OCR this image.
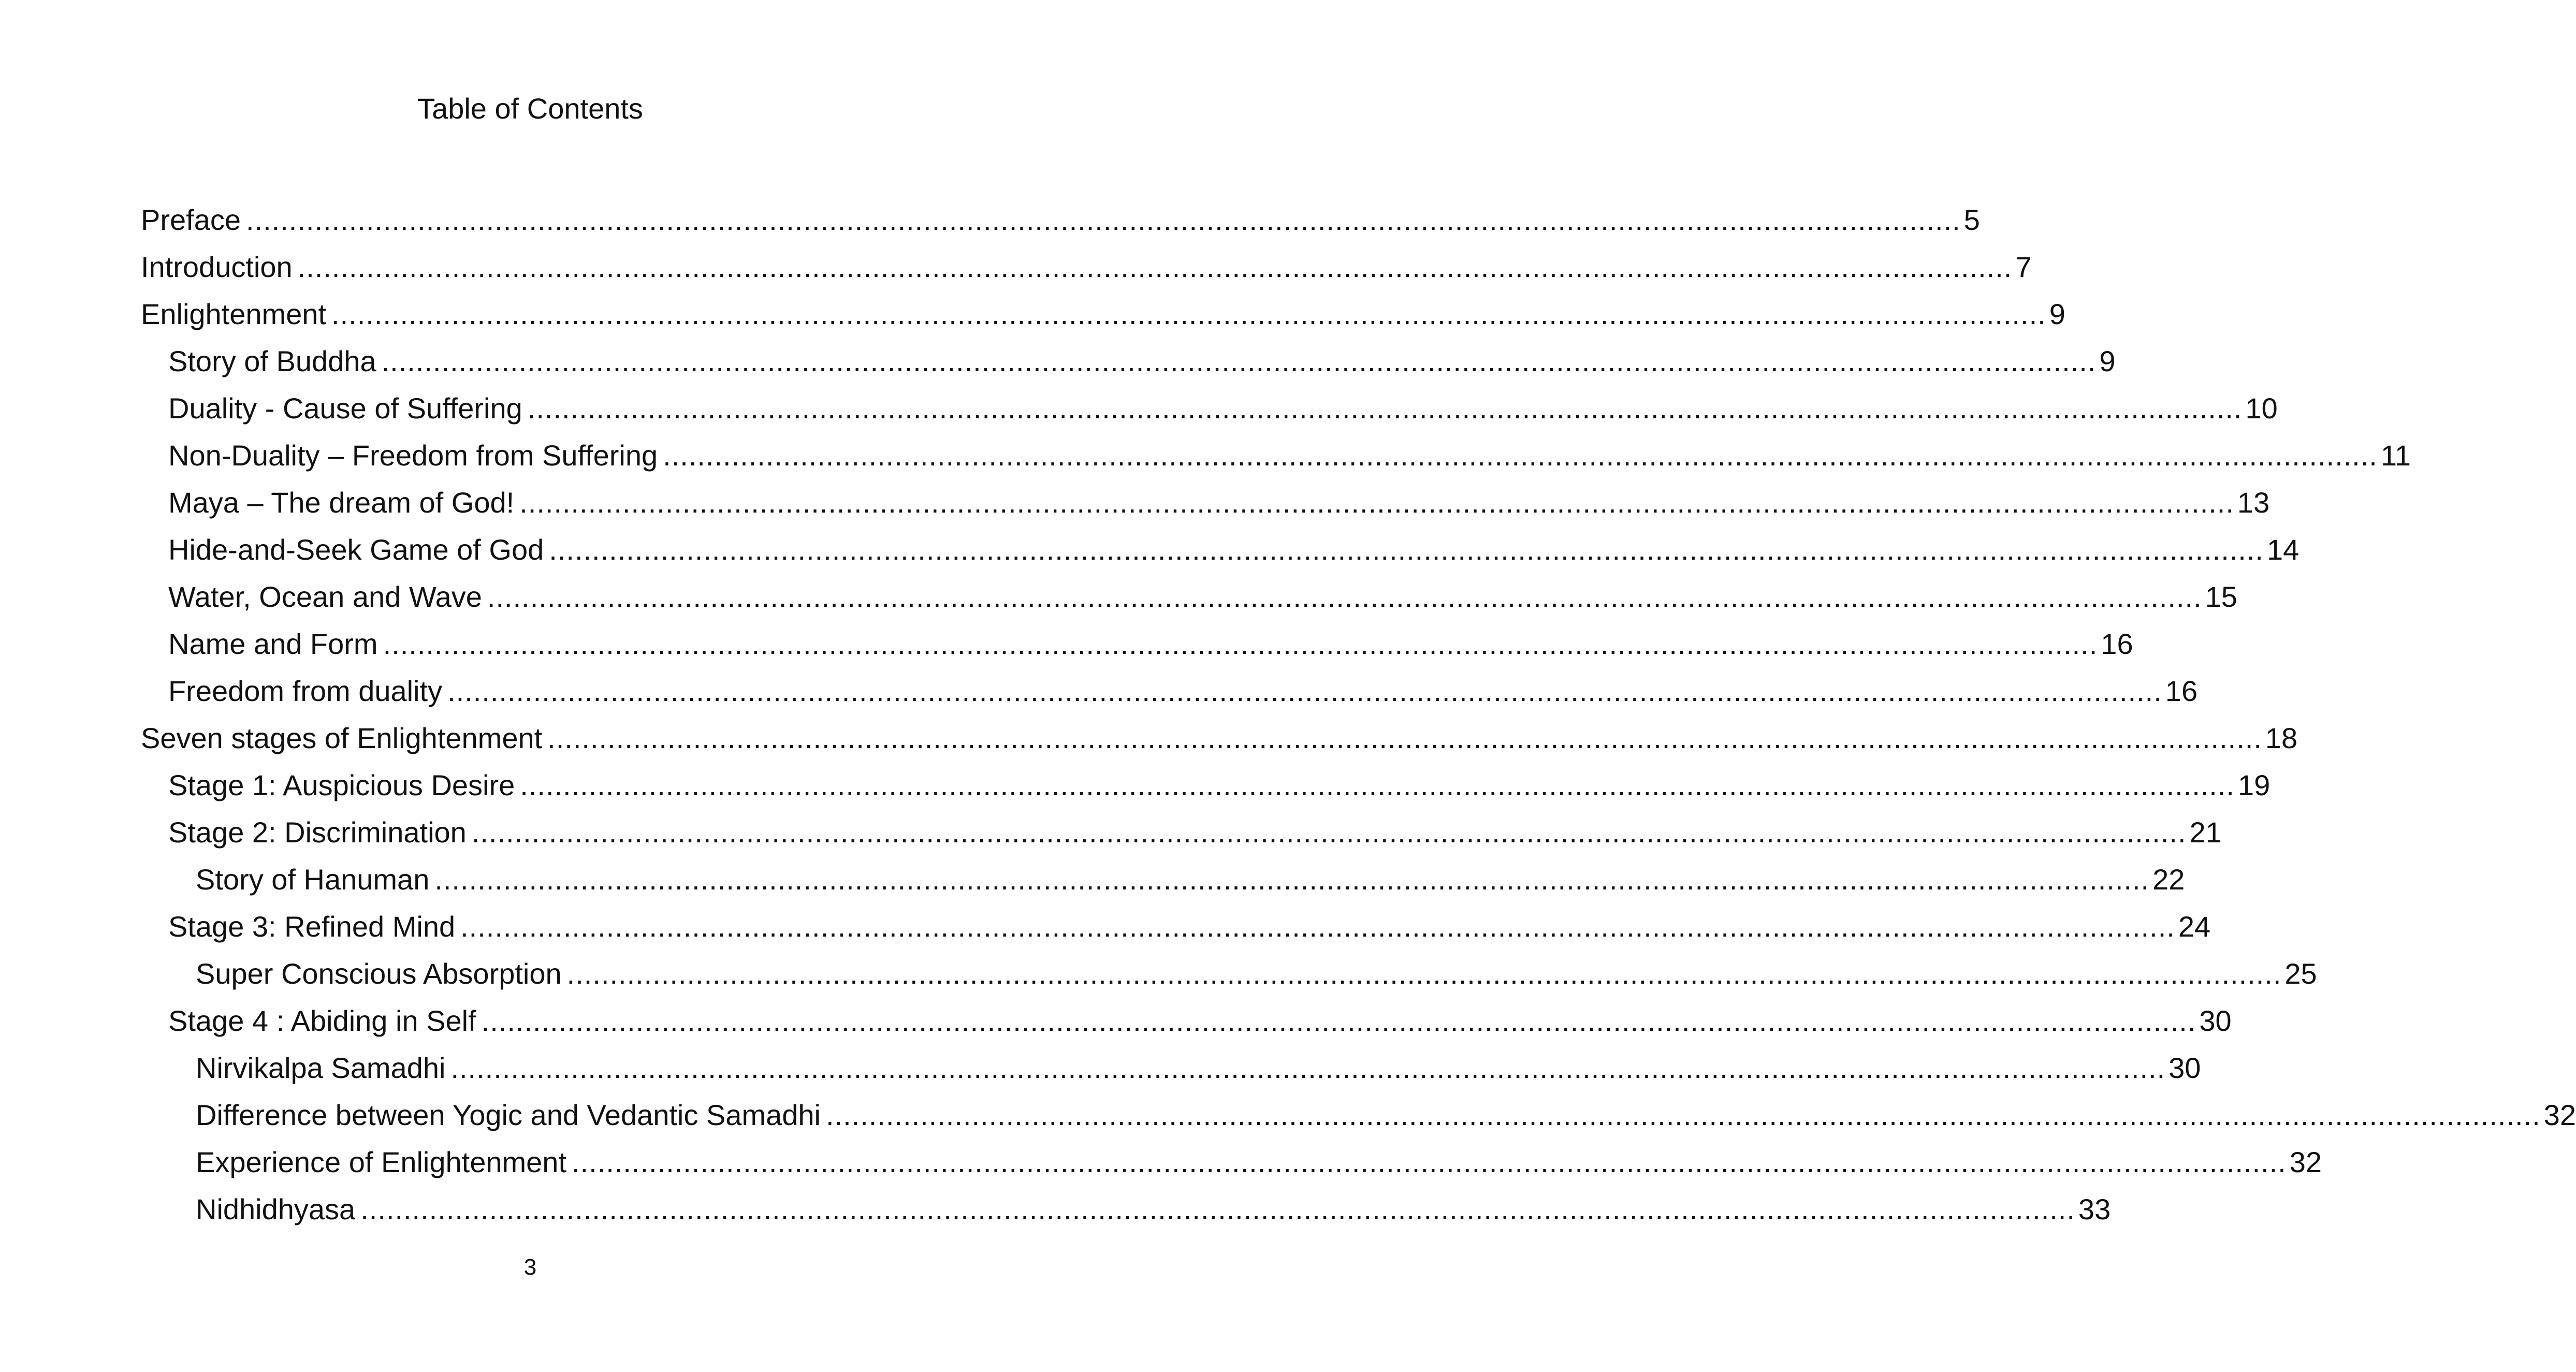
Table of Contents
Preface ........................................................................................................................................................................................................ 5
Introduction ........................................................................................................................................................................................................ 7
Enlightenment ........................................................................................................................................................................................................ 9
Story of Buddha ........................................................................................................................................................................................................ 9
Duality - Cause of Suffering ........................................................................................................................................................................................................ 10
Non-Duality – Freedom from Suffering ........................................................................................................................................................................................................ 11
Maya – The dream of God! ........................................................................................................................................................................................................ 13
Hide-and-Seek Game of God ........................................................................................................................................................................................................ 14
Water, Ocean and Wave ........................................................................................................................................................................................................ 15
Name and Form ........................................................................................................................................................................................................ 16
Freedom from duality ........................................................................................................................................................................................................ 16
Seven stages of Enlightenment ........................................................................................................................................................................................................ 18
Stage 1: Auspicious Desire ........................................................................................................................................................................................................ 19
Stage 2: Discrimination ........................................................................................................................................................................................................ 21
Story of Hanuman ........................................................................................................................................................................................................ 22
Stage 3: Refined Mind ........................................................................................................................................................................................................ 24
Super Conscious Absorption ........................................................................................................................................................................................................ 25
Stage 4 : Abiding in Self ........................................................................................................................................................................................................ 30
Nirvikalpa Samadhi ........................................................................................................................................................................................................ 30
Difference between Yogic and Vedantic Samadhi ........................................................................................................................................................................................................ 32
Experience of Enlightenment ........................................................................................................................................................................................................ 32
Nidhidhyasa ........................................................................................................................................................................................................ 33
3
